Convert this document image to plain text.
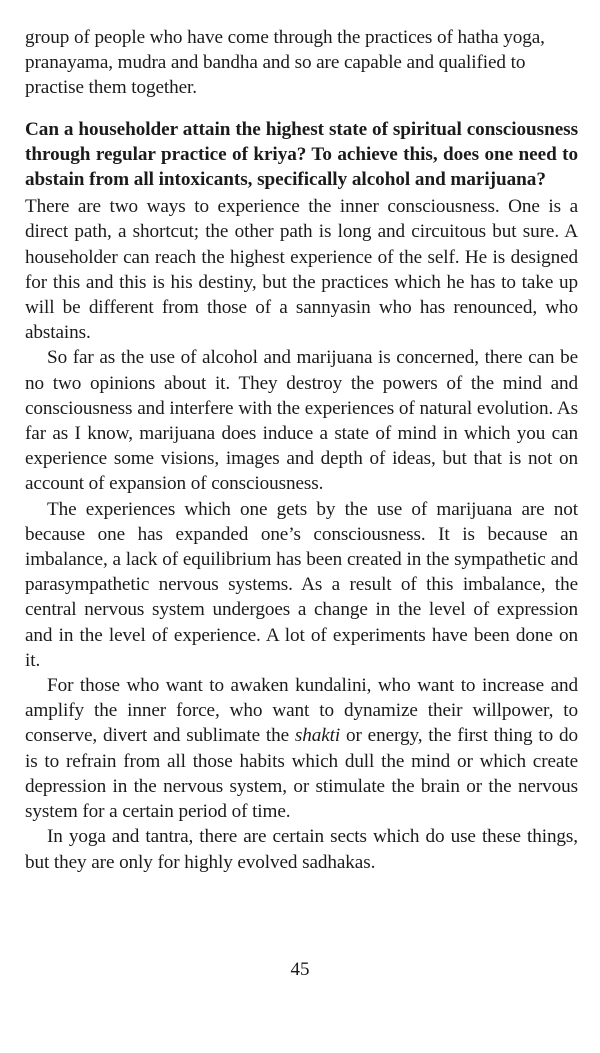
group of people who have come through the practices of hatha yoga, pranayama, mudra and bandha and so are capable and qualified to practise them together.

Can a householder attain the highest state of spiritual consciousness through regular practice of kriya? To achieve this, does one need to abstain from all intoxicants, specifically alcohol and marijuana?

There are two ways to experience the inner consciousness. One is a direct path, a shortcut; the other path is long and circuitous but sure. A householder can reach the highest experience of the self. He is designed for this and this is his destiny, but the practices which he has to take up will be different from those of a sannyasin who has renounced, who abstains.

So far as the use of alcohol and marijuana is concerned, there can be no two opinions about it. They destroy the powers of the mind and consciousness and interfere with the experiences of natural evolution. As far as I know, marijuana does induce a state of mind in which you can experience some visions, images and depth of ideas, but that is not on account of expansion of consciousness.

The experiences which one gets by the use of marijuana are not because one has expanded one’s consciousness. It is because an imbalance, a lack of equilibrium has been created in the sympathetic and parasympathetic nervous systems. As a result of this imbalance, the central nervous system undergoes a change in the level of expression and in the level of experience. A lot of experiments have been done on it.

For those who want to awaken kundalini, who want to increase and amplify the inner force, who want to dynamize their willpower, to conserve, divert and sublimate the shakti or energy, the first thing to do is to refrain from all those habits which dull the mind or which create depression in the nervous system, or stimulate the brain or the nervous system for a certain period of time.

In yoga and tantra, there are certain sects which do use these things, but they are only for highly evolved sadhakas.

45
